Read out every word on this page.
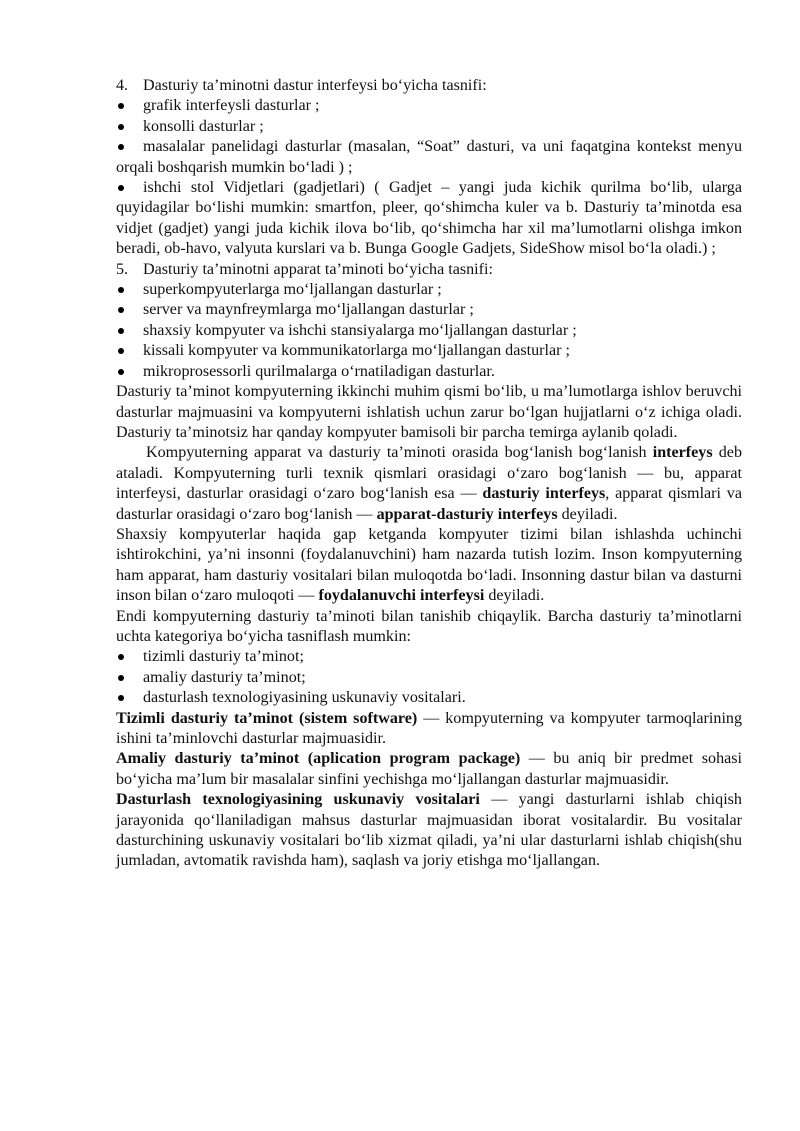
4. Dasturiy ta’minotni dastur interfeysi bo‘yicha tasnifi:

grafik interfeysli dasturlar ;

konsolli dasturlar ;

masalalar panelidagi dasturlar (masalan, “Soat” dasturi, va uni faqatgina kontekst menyu orqali boshqarish mumkin bo‘ladi ) ;

ishchi stol Vidjetlari (gadjetlari) ( Gadjet – yangi juda kichik qurilma bo‘lib, ularga quyidagilar bo‘lishi mumkin: smartfon, pleer, qo‘shimcha kuler va b. Dasturiy ta’minotda esa vidjet (gadjet) yangi juda kichik ilova bo‘lib, qo‘shimcha har xil ma’lumotlarni olishga imkon beradi, ob-havo, valyuta kurslari va b. Bunga Google Gadjets, SideShow misol bo‘la oladi.) ;

5. Dasturiy ta’minotni apparat ta’minoti bo‘yicha tasnifi:

superkompyuterlarga mo‘ljallangan dasturlar ;

server va maynfreymlarga mo‘ljallangan dasturlar ;

shaxsiy kompyuter va ishchi stansiyalarga mo‘ljallangan dasturlar ;

kissali kompyuter va kommunikatorlarga mo‘ljallangan dasturlar ;

mikroprosessorli qurilmalarga o‘rnatiladigan dasturlar.

Dasturiy ta’minot kompyuterning ikkinchi muhim qismi bo‘lib, u ma’lumotlarga ishlov beruvchi dasturlar majmuasini va kompyuterni ishlatish uchun zarur bo‘lgan hujjatlarni o‘z ichiga oladi. Dasturiy ta’minotsiz har qanday kompyuter bamisoli bir parcha temirga aylanib qoladi.

Kompyuterning apparat va dasturiy ta’minoti orasida bog‘lanish bog‘lanish interfeys deb ataladi. Kompyuterning turli texnik qismlari orasidagi o‘zaro bog‘lanish — bu, apparat interfeysi, dasturlar orasidagi o‘zaro bog‘lanish esa — dasturiy interfeys, apparat qismlari va dasturlar orasidagi o‘zaro bog‘lanish — apparat-dasturiy interfeys deyiladi.

Shaxsiy kompyuterlar haqida gap ketganda kompyuter tizimi bilan ishlashda uchinchi ishtirokchini, ya’ni insonni (foydalanuvchini) ham nazarda tutish lozim. Inson kompyuterning ham apparat, ham dasturiy vositalari bilan muloqotda bo‘ladi. Insonning dastur bilan va dasturni inson bilan o‘zaro muloqoti — foydalanuvchi interfeysi deyiladi.

Endi kompyuterning dasturiy ta’minoti bilan tanishib chiqaylik. Barcha dasturiy ta’minotlarni uchta kategoriya bo‘yicha tasniflash mumkin:

tizimli dasturiy ta’minot;

amaliy dasturiy ta’minot;

dasturlash texnologiyasining uskunaviy vositalari.

Tizimli dasturiy ta’minot (sistem software) — kompyuterning va kompyuter tarmoqlarining ishini ta’minlovchi dasturlar majmuasidir.

Amaliy dasturiy ta’minot (aplication program package) — bu aniq bir predmet sohasi bo‘yicha ma’lum bir masalalar sinfini yechishga mo‘ljallangan dasturlar majmuasidir.

Dasturlash texnologiyasining uskunaviy vositalari — yangi dasturlarni ishlab chiqish jarayonida qo‘llaniladigan mahsus dasturlar majmuasidan iborat vositalardir. Bu vositalar dasturchining uskunaviy vositalari bo‘lib xizmat qiladi, ya’ni ular dasturlarni ishlab chiqish(shu jumladan, avtomatik ravishda ham), saqlash va joriy etishga mo‘ljallangan.
